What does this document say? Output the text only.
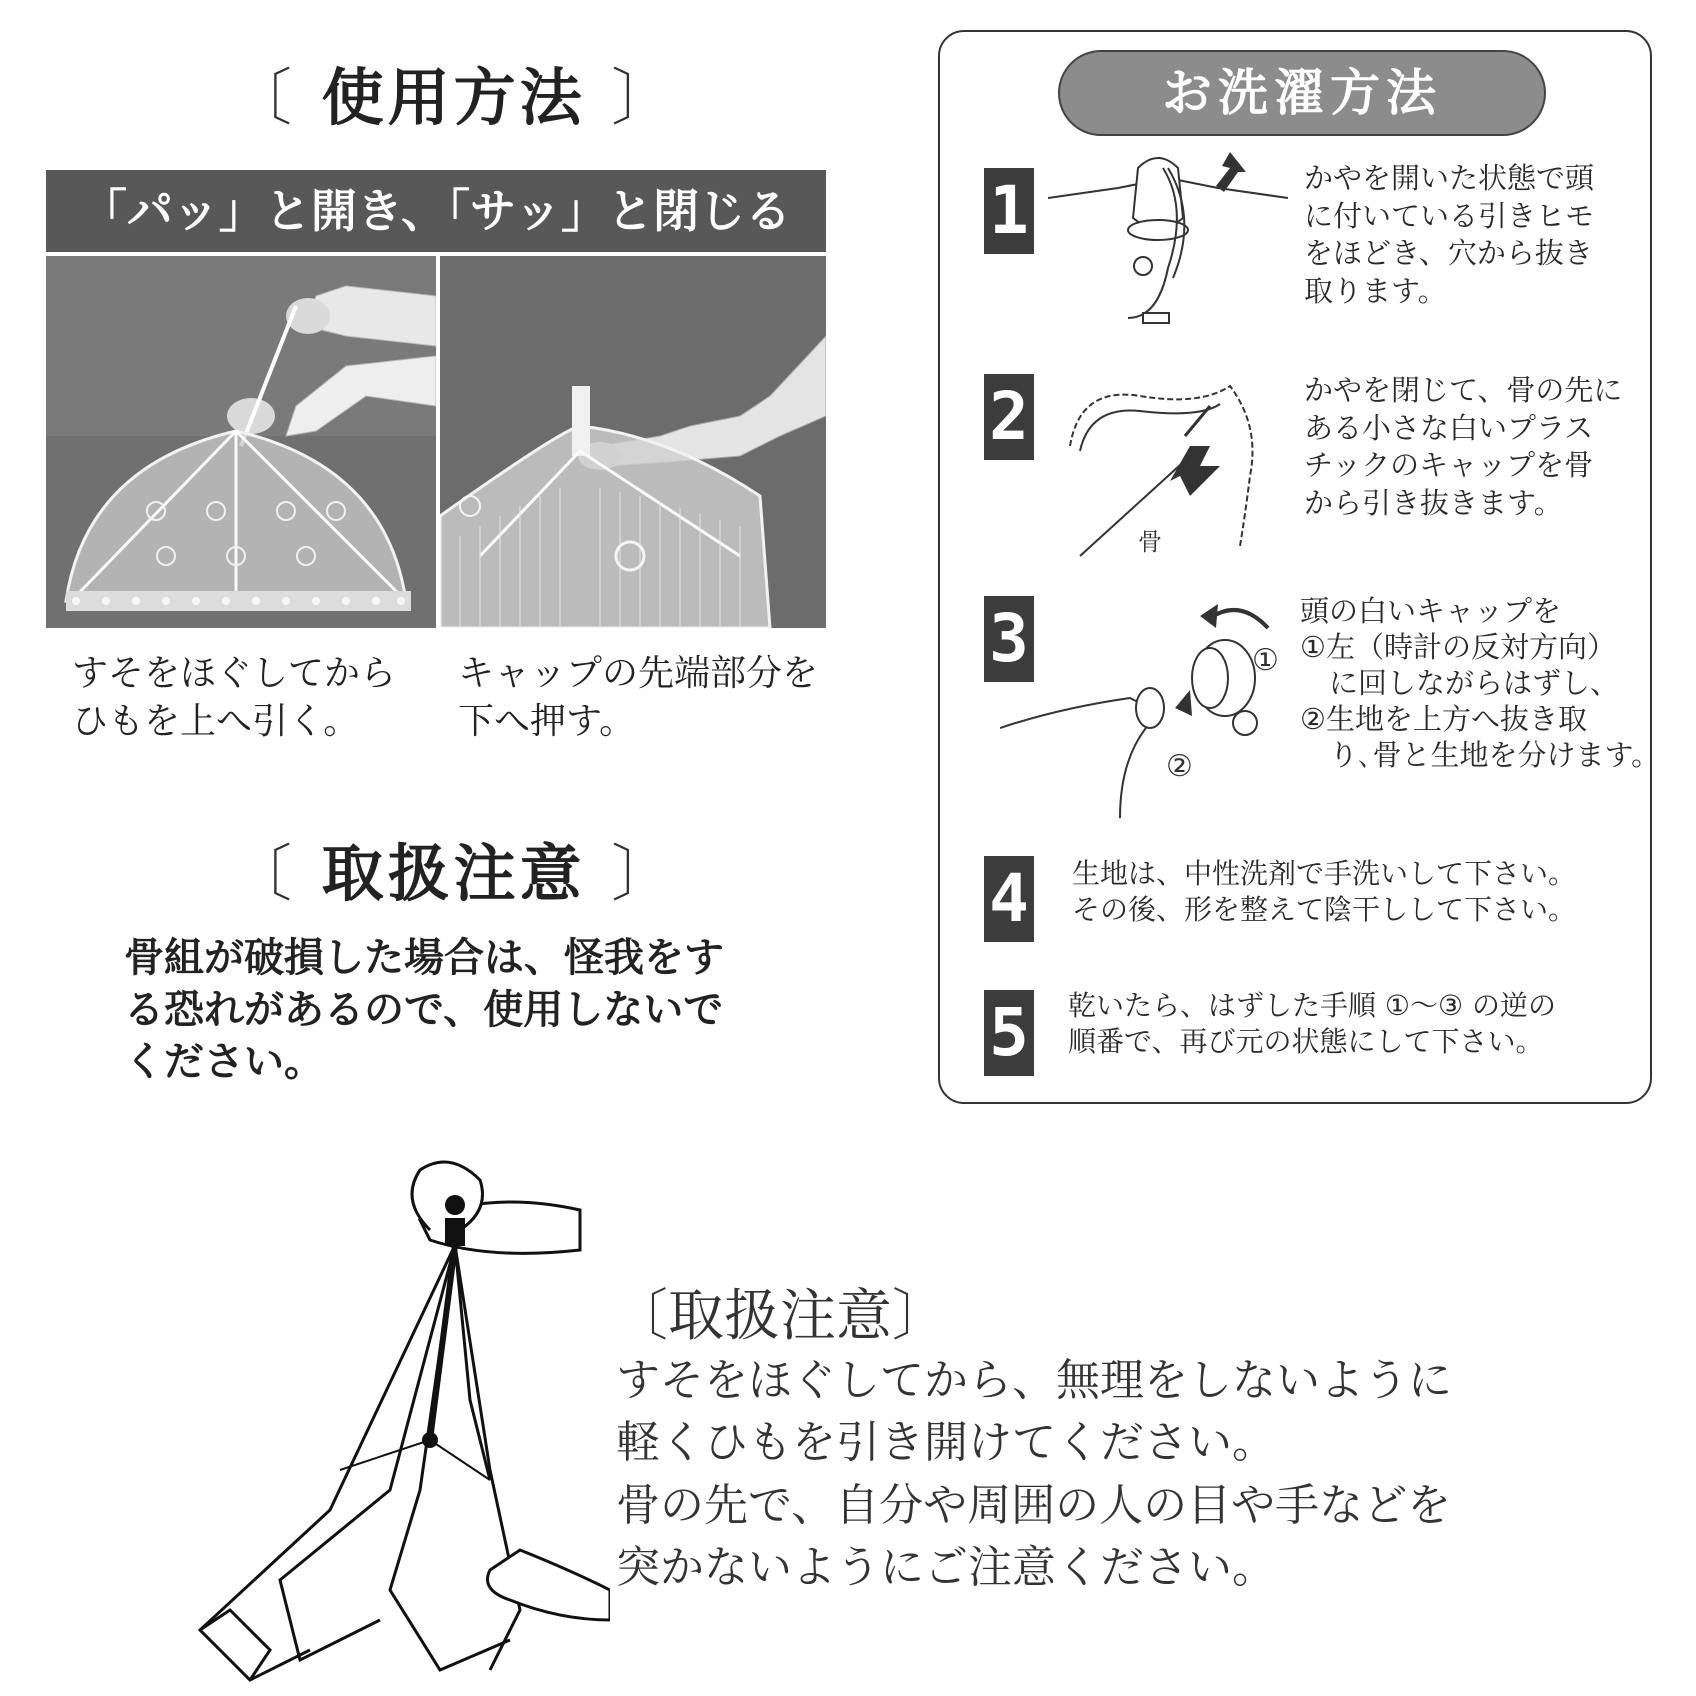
〔 使用方法 〕
「パッ」と開き、「サッ」と閉じる
すそをほぐしてから
ひもを上へ引く。
キャップの先端部分を
下へ押す。
〔 取扱注意 〕
骨組が破損した場合は、怪我をす
る恐れがあるので、使用しないで
ください。
お洗濯方法
1	かやを開いた状態で頭
に付いている引きヒモ
をほどき、穴から抜き
取ります。
2
骨
かやを閉じて、骨の先に
ある小さな白いプラス
チックのキャップを骨
から引き抜きます。
3	①
②
頭の白いキャップを
①左（時計の反対方向）
　に回しながらはずし、
②生地を上方へ抜き取
　り､骨と生地を分けます。
4 生地は、中性洗剤で手洗いして下さい。
その後、形を整えて陰干しして下さい。
5 乾いたら、はずした手順 ①～③ の逆の
順番で、再び元の状態にして下さい。
〔取扱注意〕
すそをほぐしてから、無理をしないように
軽くひもを引き開けてください。
骨の先で、自分や周囲の人の目や手などを
突かないようにご注意ください。
